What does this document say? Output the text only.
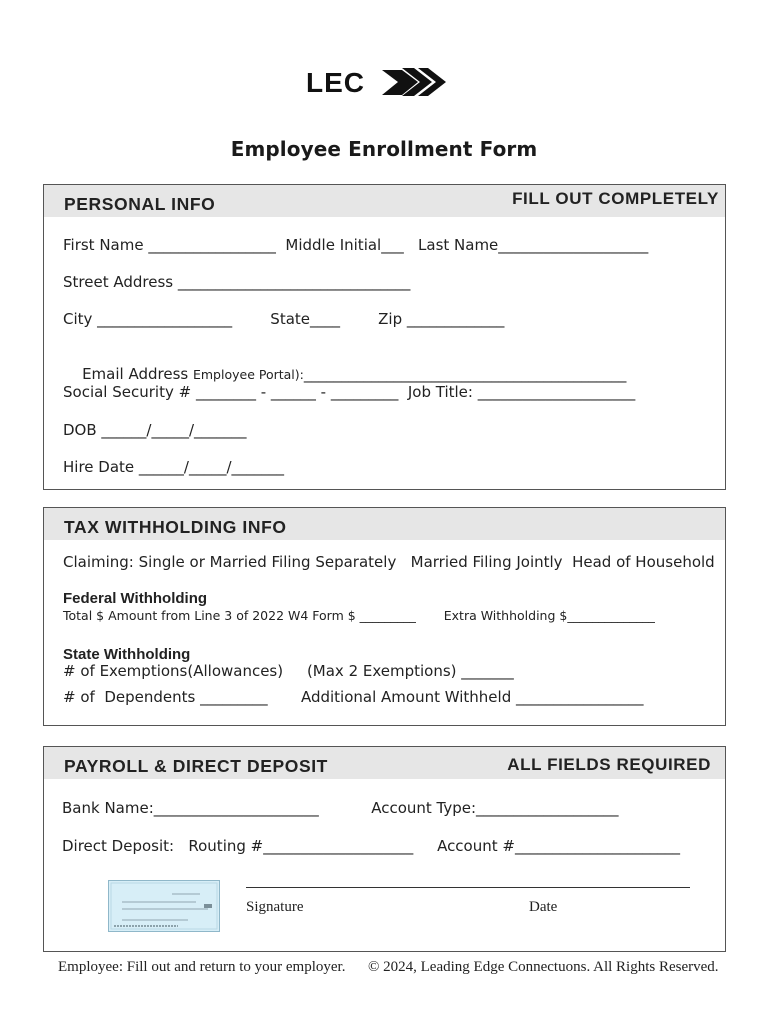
LEC
Employee Enrollment Form
PERSONAL INFO	FILL OUT COMPLETELY
First Name _________________  Middle Initial___   Last Name____________________
Street Address _______________________________
City __________________        State____        Zip _____________

Email Address Employee Portal):___________________________________________

Social Security # ________ - ______ - _________  Job Title: _____________________
DOB ______/_____/_______
Hire Date ______/_____/_______
TAX WITHHOLDING INFO
Claiming: Single or Married Filing Separately   Married Filing Jointly  Head of Household
Federal Withholding
Total $ Amount from Line 3 of 2022 W4 Form $ _________       Extra Withholding $______________
State Withholding
# of Exemptions(Allowances)     (Max 2 Exemptions) _______
# of  Dependents _________       Additional Amount Withheld _________________
PAYROLL & DIRECT DEPOSIT	ALL FIELDS REQUIRED
Bank Name:______________________           Account Type:___________________
Direct Deposit:   Routing #____________________     Account #______________________
Signature	Date
Employee: Fill out and return to your employer. © 2024, Leading Edge Connectuons. All Rights Reserved.
